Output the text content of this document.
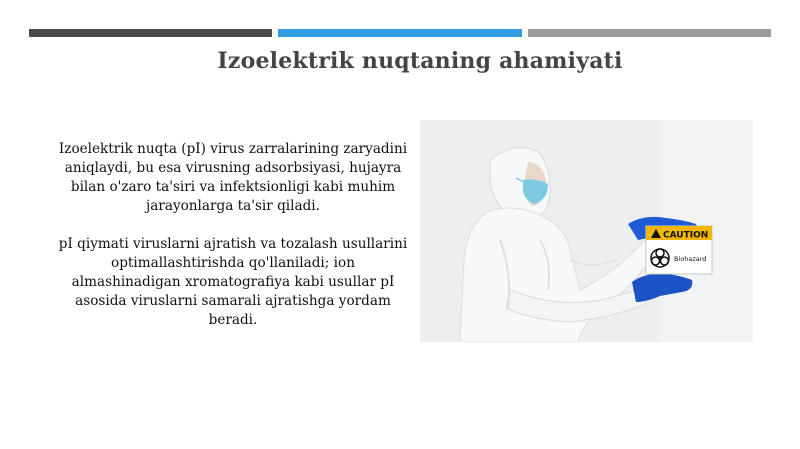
Izoelektrik nuqtaning ahamiyati

Izoelektrik nuqta (pI) virus zarralarining zaryadini aniqlaydi, bu esa virusning adsorbsiyasi, hujayra bilan o'zaro ta'siri va infektsionligi kabi muhim jarayonlarga ta'sir qiladi.

pI qiymati viruslarni ajratish va tozalash usullarini optimallashtirishda qo'llaniladi; ion almashinadigan xromatografiya kabi usullar pI asosida viruslarni samarali ajratishga yordam beradi.

CAUTION
Biohazard
